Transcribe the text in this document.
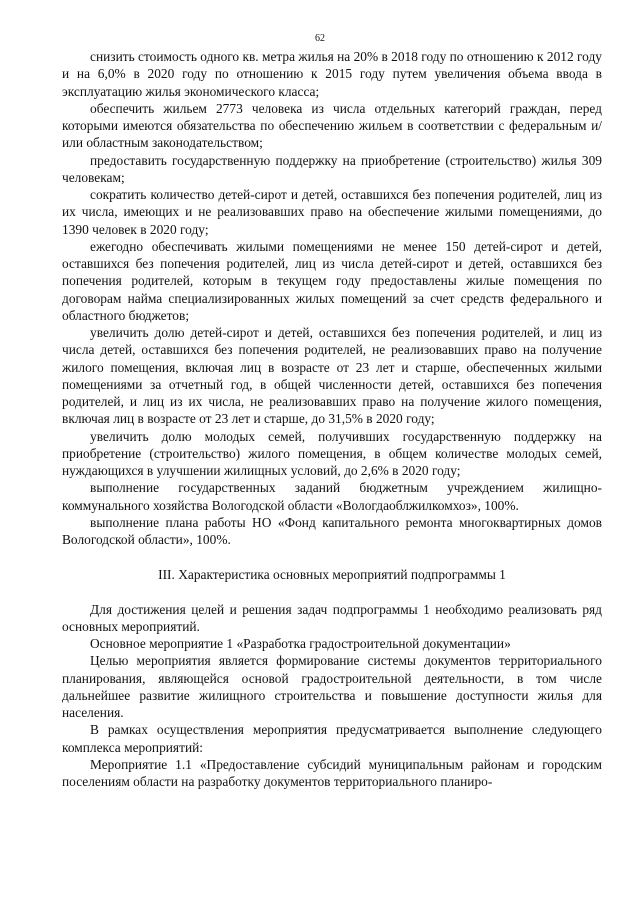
62

снизить стоимость одного кв. метра жилья на 20% в 2018 году по отношению к 2012 году и на 6,0% в 2020 году по отношению к 2015 году путем увеличения объема ввода в эксплуатацию жилья экономического класса;

обеспечить жильем 2773 человека из числа отдельных категорий граждан, перед которыми имеются обязательства по обеспечению жильем в соответствии с федеральным и/или областным законодательством;

предоставить государственную поддержку на приобретение (строительство) жилья 309 человекам;

сократить количество детей-сирот и детей, оставшихся без попечения родителей, лиц из их числа, имеющих и не реализовавших право на обеспечение жилыми помещениями, до 1390 человек в 2020 году;

ежегодно обеспечивать жилыми помещениями не менее 150 детей-сирот и детей, оставшихся без попечения родителей, лиц из числа детей-сирот и детей, оставшихся без попечения родителей, которым в текущем году предоставлены жилые помещения по договорам найма специализированных жилых помещений за счет средств федерального и областного бюджетов;

увеличить долю детей-сирот и детей, оставшихся без попечения родителей, и лиц из числа детей, оставшихся без попечения родителей, не реализовавших право на получение жилого помещения, включая лиц в возрасте от 23 лет и старше, обеспеченных жилыми помещениями за отчетный год, в общей численности детей, оставшихся без попечения родителей, и лиц из их числа, не реализовавших право на получение жилого помещения, включая лиц в возрасте от 23 лет и старше, до 31,5% в 2020 году;

увеличить долю молодых семей, получивших государственную поддержку на приобретение (строительство) жилого помещения, в общем количестве молодых семей, нуждающихся в улучшении жилищных условий, до 2,6% в 2020 году;

выполнение государственных заданий бюджетным учреждением жилищно-коммунального хозяйства Вологодской области «Вологдаоблжилкомхоз», 100%.

выполнение плана работы НО «Фонд капитального ремонта многоквартирных домов Вологодской области», 100%.

III. Характеристика основных мероприятий подпрограммы 1

Для достижения целей и решения задач подпрограммы 1 необходимо реализовать ряд основных мероприятий.

Основное мероприятие 1 «Разработка градостроительной документации»

Целью мероприятия является формирование системы документов территориального планирования, являющейся основой градостроительной деятельности, в том числе дальнейшее развитие жилищного строительства и повышение доступности жилья для населения.

В рамках осуществления мероприятия предусматривается выполнение следующего комплекса мероприятий:

Мероприятие 1.1 «Предоставление субсидий муниципальным районам и городским поселениям области на разработку документов территориального планиро-
